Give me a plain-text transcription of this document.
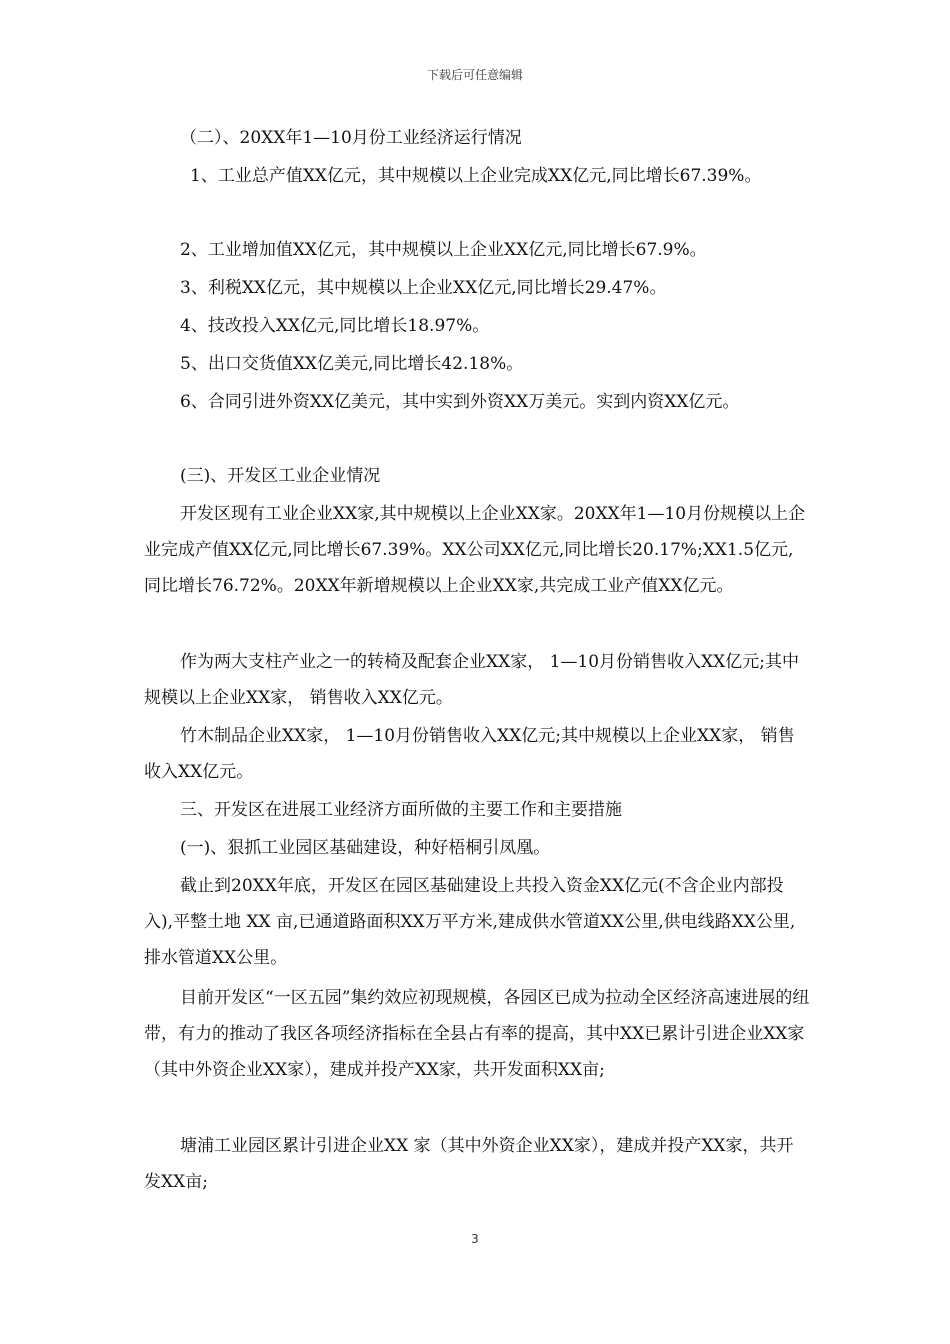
下载后可任意编辑

（二）、20XX年1—10月份工业经济运行情况

1、工业总产值XX亿元，其中规模以上企业完成XX亿元,同比增长67.39%。

2、工业增加值XX亿元，其中规模以上企业XX亿元,同比增长67.9%。

3、利税XX亿元，其中规模以上企业XX亿元,同比增长29.47%。

4、技改投入XX亿元,同比增长18.97%。

5、出口交货值XX亿美元,同比增长42.18%。

6、合同引进外资XX亿美元，其中实到外资XX万美元。实到内资XX亿元。

(三)、开发区工业企业情况

开发区现有工业企业XX家,其中规模以上企业XX家。20XX年1—10月份规模以上企业完成产值XX亿元,同比增长67.39%。XX公司XX亿元,同比增长20.17%;XX1.5亿元,同比增长76.72%。20XX年新增规模以上企业XX家,共完成工业产值XX亿元。

作为两大支柱产业之一的转椅及配套企业XX家， 1—10月份销售收入XX亿元;其中规模以上企业XX家， 销售收入XX亿元。

竹木制品企业XX家， 1—10月份销售收入XX亿元;其中规模以上企业XX家， 销售收入XX亿元。

三、开发区在进展工业经济方面所做的主要工作和主要措施

(一)、狠抓工业园区基础建设，种好梧桐引凤凰。

截止到20XX年底，开发区在园区基础建设上共投入资金XX亿元(不含企业内部投入),平整土地 XX 亩,已通道路面积XX万平方米,建成供水管道XX公里,供电线路XX公里,排水管道XX公里。

目前开发区“一区五园”集约效应初现规模，各园区已成为拉动全区经济高速进展的纽带，有力的推动了我区各项经济指标在全县占有率的提高，其中XX已累计引进企业XX家（其中外资企业XX家），建成并投产XX家，共开发面积XX亩;

塘浦工业园区累计引进企业XX 家（其中外资企业XX家），建成并投产XX家，共开发XX亩;

3
